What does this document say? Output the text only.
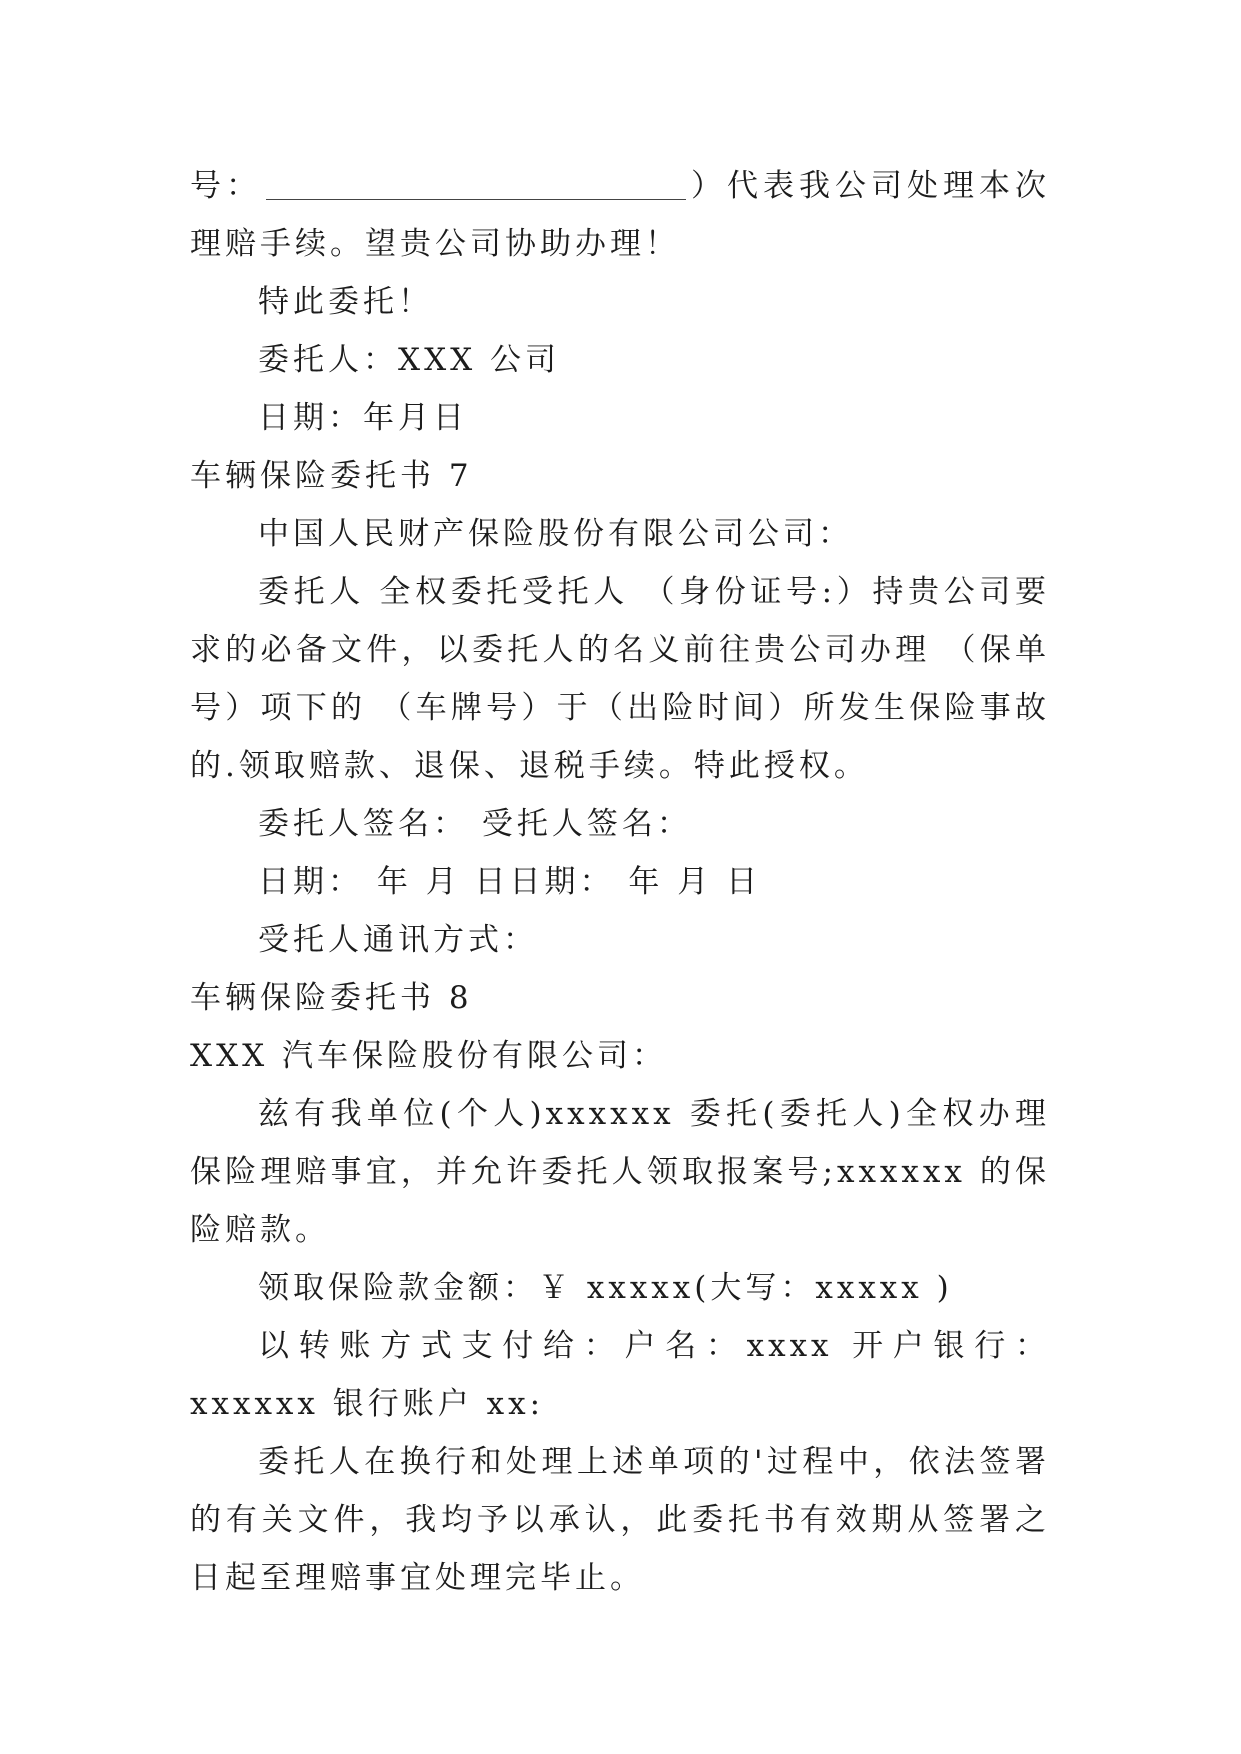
号：	）代表我公司处理本次理赔手续。望贵公司协助办理！

特此委托！

委托人：XXX 公司

日期：年月日

车辆保险委托书 7

中国人民财产保险股份有限公司公司：

委托人 全权委托受托人 （身份证号:）持贵公司要求的必备文件，以委托人的名义前往贵公司办理 （保单号）项下的 （车牌号）于（出险时间）所发生保险事故的.领取赔款、退保、退税手续。特此授权。

委托人签名： 受托人签名：

日期： 年 月 日日期： 年 月 日

受托人通讯方式：

车辆保险委托书 8

XXX 汽车保险股份有限公司：

兹有我单位(个人)xxxxxx 委托(委托人)全权办理保险理赔事宜，并允许委托人领取报案号;xxxxxx 的保险赔款。

领取保险款金额：￥ xxxxx(大写：xxxxx )

以转账方式支付给：户名：xxxx 开户银行：xxxxxx 银行账户 xx:

委托人在换行和处理上述单项的'过程中，依法签署的有关文件，我均予以承认，此委托书有效期从签署之日起至理赔事宜处理完毕止。
